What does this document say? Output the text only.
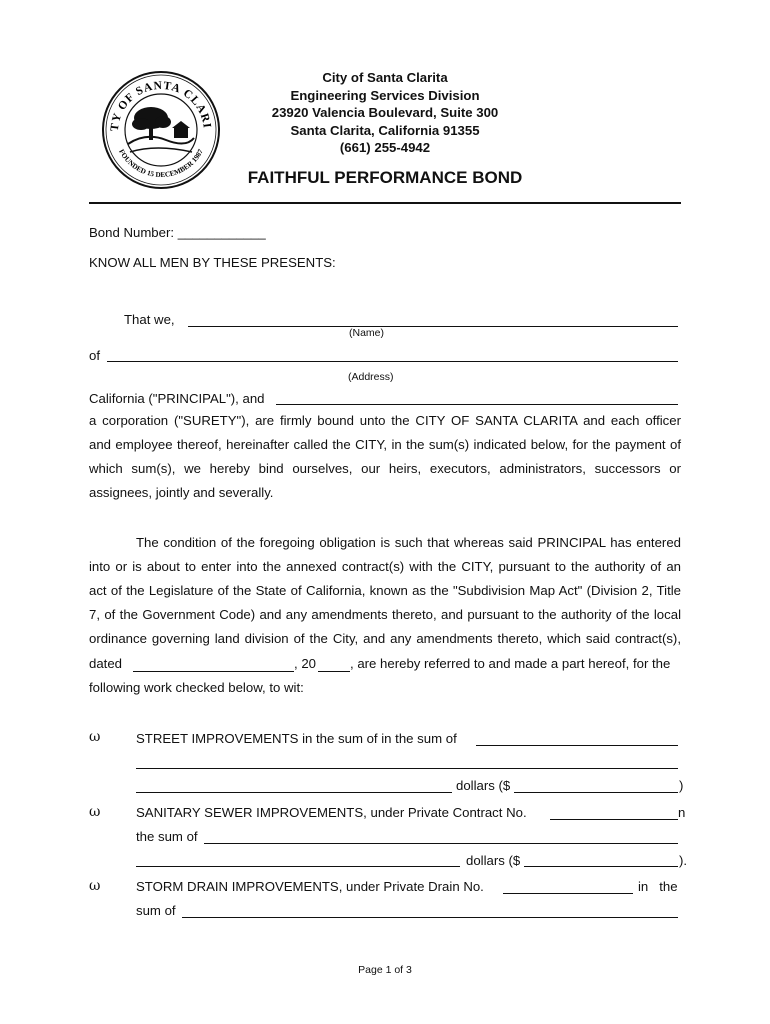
TY OF SANTA CLARI
FOUNDED 15 DECEMBER 1987
City of Santa Clarita
Engineering Services Division
23920 Valencia Boulevard, Suite 300
Santa Clarita, California 91355
(661) 255-4942
FAITHFUL PERFORMANCE BOND
Bond Number: ____________
KNOW ALL MEN BY THESE PRESENTS:
That we,
(Name)
of
(Address)
California ("PRINCIPAL"), and
a corporation ("SURETY"), are firmly bound unto the CITY OF SANTA CLARITA and each officer
and employee thereof, hereinafter called the CITY, in the sum(s) indicated below, for the payment of
which sum(s), we hereby bind ourselves, our heirs, executors, administrators, successors or
assignees, jointly and severally.
The condition of the foregoing obligation is such that whereas said PRINCIPAL has entered
into or is about to enter into the annexed contract(s) with the CITY, pursuant to the authority of an
act of the Legislature of the State of California, known as the "Subdivision Map Act" (Division 2, Title
7, of the Government Code) and any amendments thereto, and pursuant to the authority of the local
ordinance governing land division of the City, and any amendments thereto, which said contract(s),
dated	, 20	, are hereby referred to and made a part hereof, for the
following work checked below, to wit:
ω	STREET IMPROVEMENTS in the sum of in the sum of
dollars ($	)
ω	SANITARY SEWER IMPROVEMENTS, under Private Contract No.	n
the sum of
dollars ($	).
ω	STORM DRAIN IMPROVEMENTS, under Private Drain No.	in   the
sum of
Page 1 of 3
